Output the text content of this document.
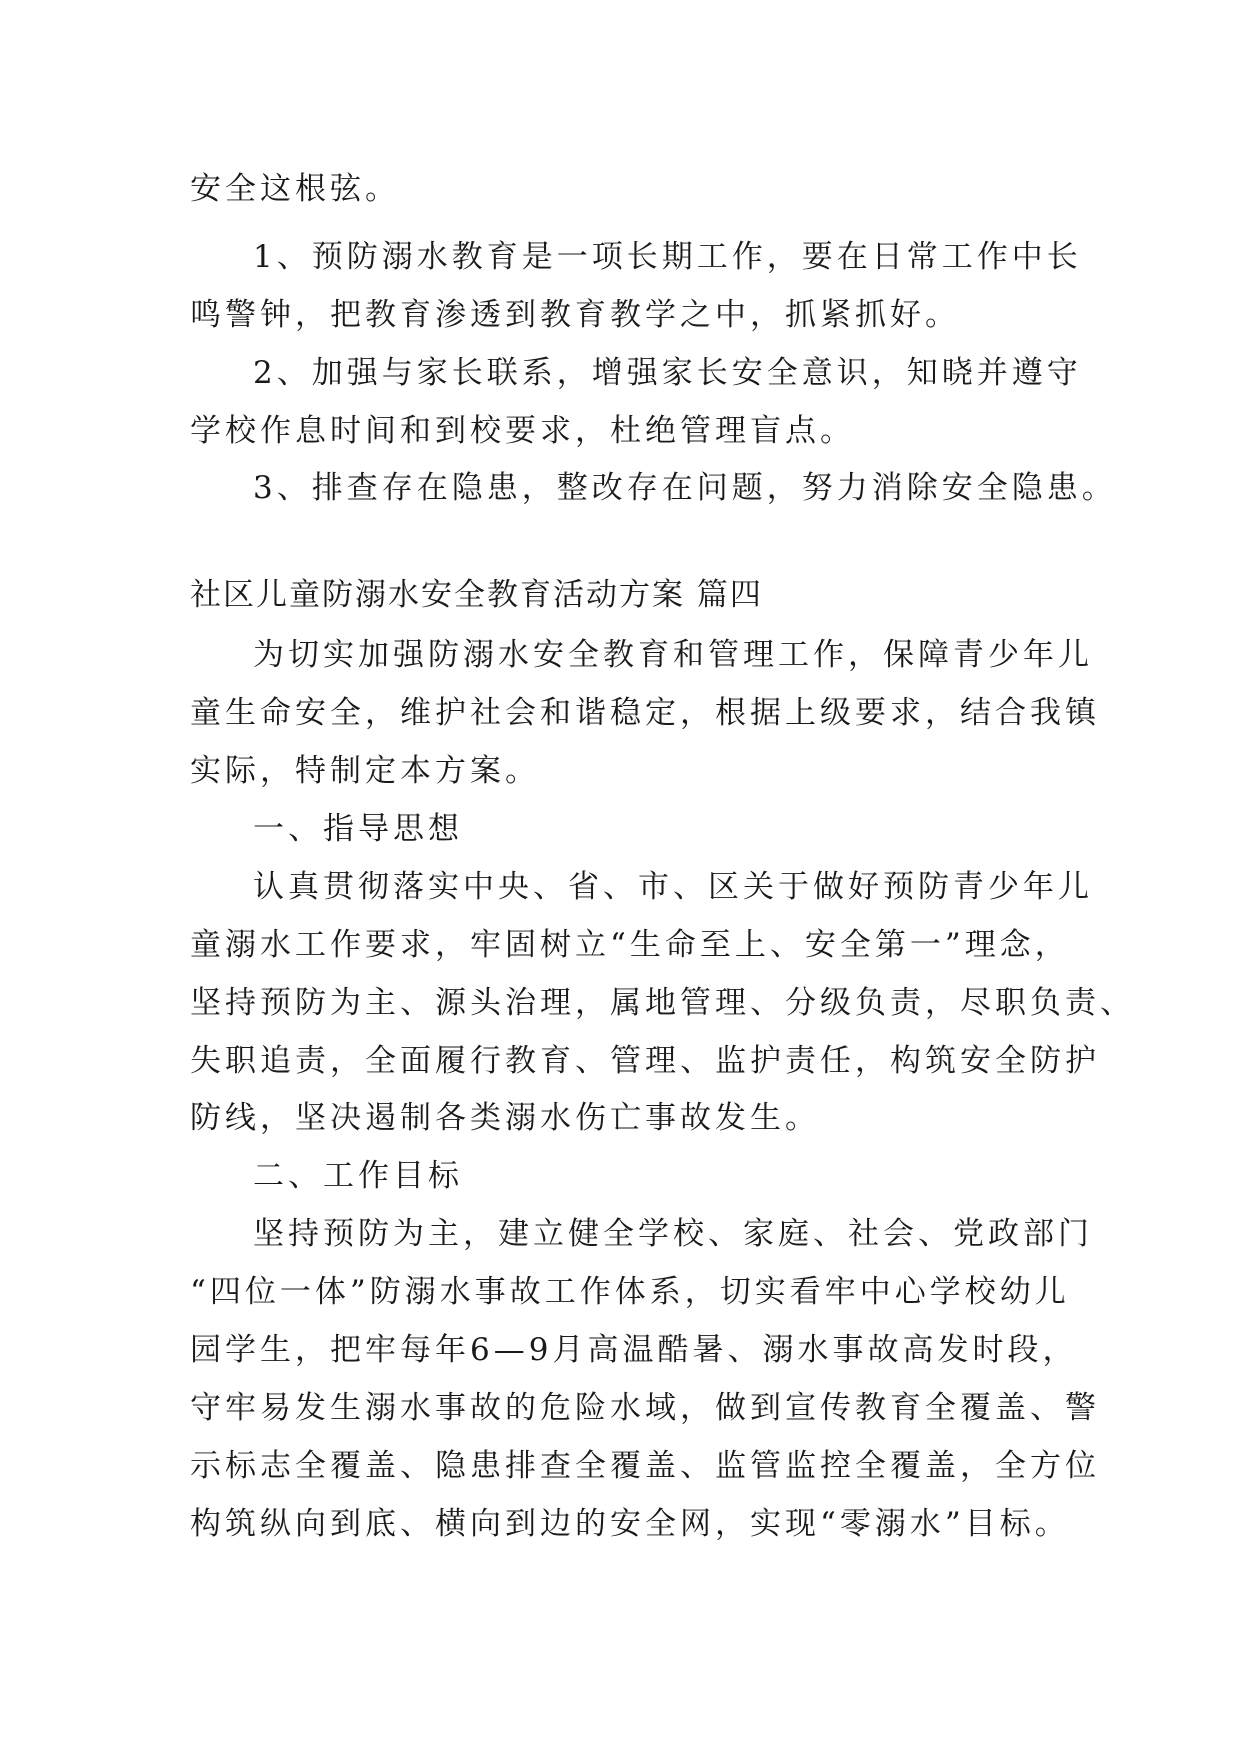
安全这根弦。
1、预防溺水教育是一项长期工作，要在日常工作中长
鸣警钟，把教育渗透到教育教学之中，抓紧抓好。
2、加强与家长联系，增强家长安全意识，知晓并遵守
学校作息时间和到校要求，杜绝管理盲点。
3、排查存在隐患，整改存在问题，努力消除安全隐患。
社区儿童防溺水安全教育活动方案 篇四
为切实加强防溺水安全教育和管理工作，保障青少年儿
童生命安全，维护社会和谐稳定，根据上级要求，结合我镇
实际，特制定本方案。
一、指导思想
认真贯彻落实中央、省、市、区关于做好预防青少年儿
童溺水工作要求，牢固树立“生命至上、安全第一”理念，
坚持预防为主、源头治理，属地管理、分级负责，尽职负责、
失职追责，全面履行教育、管理、监护责任，构筑安全防护
防线，坚决遏制各类溺水伤亡事故发生。
二、工作目标
坚持预防为主，建立健全学校、家庭、社会、党政部门
“四位一体”防溺水事故工作体系，切实看牢中心学校幼儿
园学生，把牢每年6—9月高温酷暑、溺水事故高发时段，
守牢易发生溺水事故的危险水域，做到宣传教育全覆盖、警
示标志全覆盖、隐患排查全覆盖、监管监控全覆盖，全方位
构筑纵向到底、横向到边的安全网，实现“零溺水”目标。
